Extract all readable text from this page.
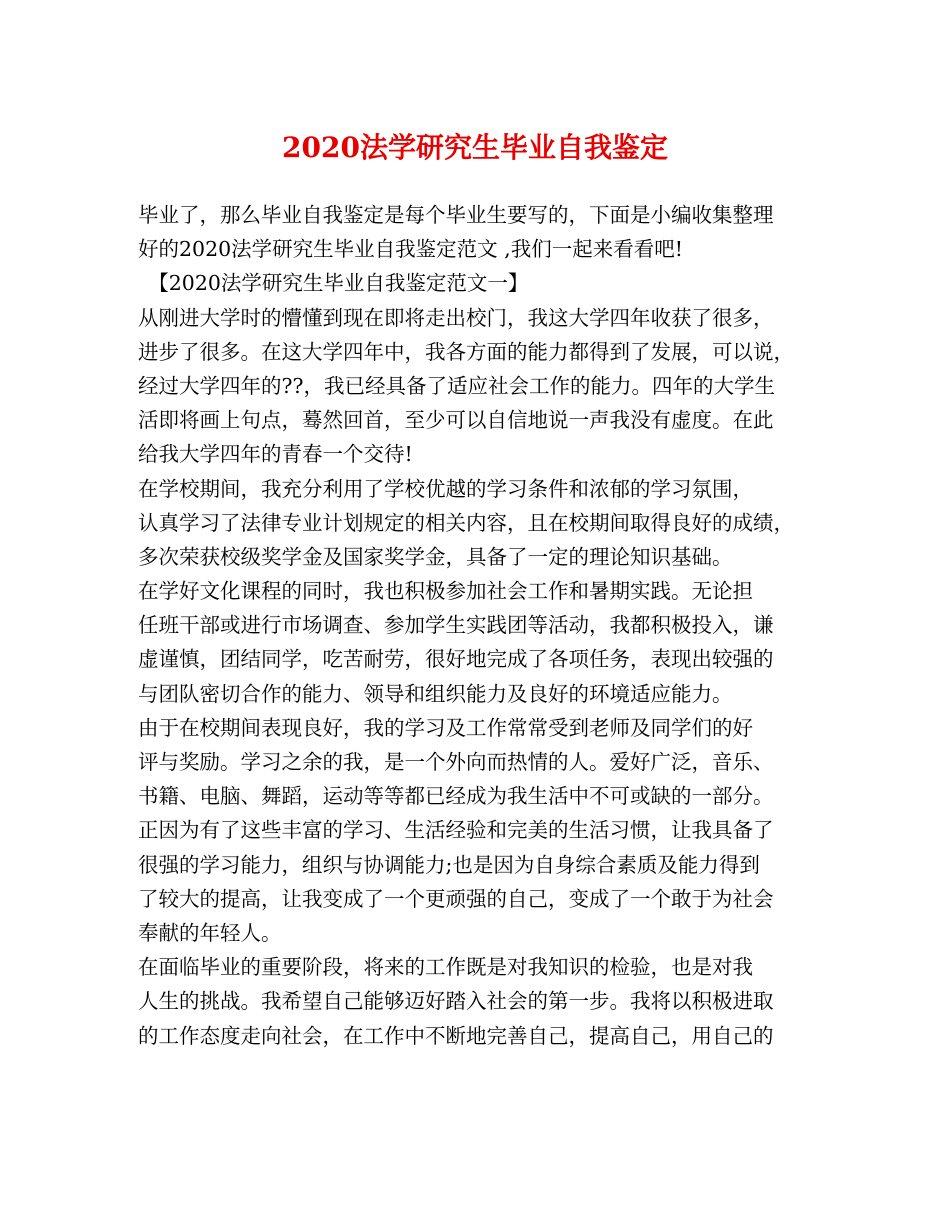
2020法学研究生毕业自我鉴定
毕业了，那么毕业自我鉴定是每个毕业生要写的，下面是小编收集整理
好的2020法学研究生毕业自我鉴定范文 ,我们一起来看看吧!
　【2020法学研究生毕业自我鉴定范文一】
从刚进大学时的懵懂到现在即将走出校门，我这大学四年收获了很多，
进步了很多。在这大学四年中，我各方面的能力都得到了发展，可以说，
经过大学四年的??，我已经具备了适应社会工作的能力。四年的大学生
活即将画上句点，蓦然回首，至少可以自信地说一声我没有虚度。在此
给我大学四年的青春一个交待!
在学校期间，我充分利用了学校优越的学习条件和浓郁的学习氛围，
认真学习了法律专业计划规定的相关内容，且在校期间取得良好的成绩，
多次荣获校级奖学金及国家奖学金，具备了一定的理论知识基础。
在学好文化课程的同时，我也积极参加社会工作和暑期实践。无论担
任班干部或进行市场调查、参加学生实践团等活动，我都积极投入，谦
虚谨慎，团结同学，吃苦耐劳，很好地完成了各项任务，表现出较强的
与团队密切合作的能力、领导和组织能力及良好的环境适应能力。
由于在校期间表现良好，我的学习及工作常常受到老师及同学们的好
评与奖励。学习之余的我，是一个外向而热情的人。爱好广泛，音乐、
书籍、电脑、舞蹈，运动等等都已经成为我生活中不可或缺的一部分。
正因为有了这些丰富的学习、生活经验和完美的生活习惯，让我具备了
很强的学习能力，组织与协调能力;也是因为自身综合素质及能力得到
了较大的提高，让我变成了一个更顽强的自己，变成了一个敢于为社会
奉献的年轻人。
在面临毕业的重要阶段，将来的工作既是对我知识的检验，也是对我
人生的挑战。我希望自己能够迈好踏入社会的第一步。我将以积极进取
的工作态度走向社会，在工作中不断地完善自己，提高自己，用自己的
